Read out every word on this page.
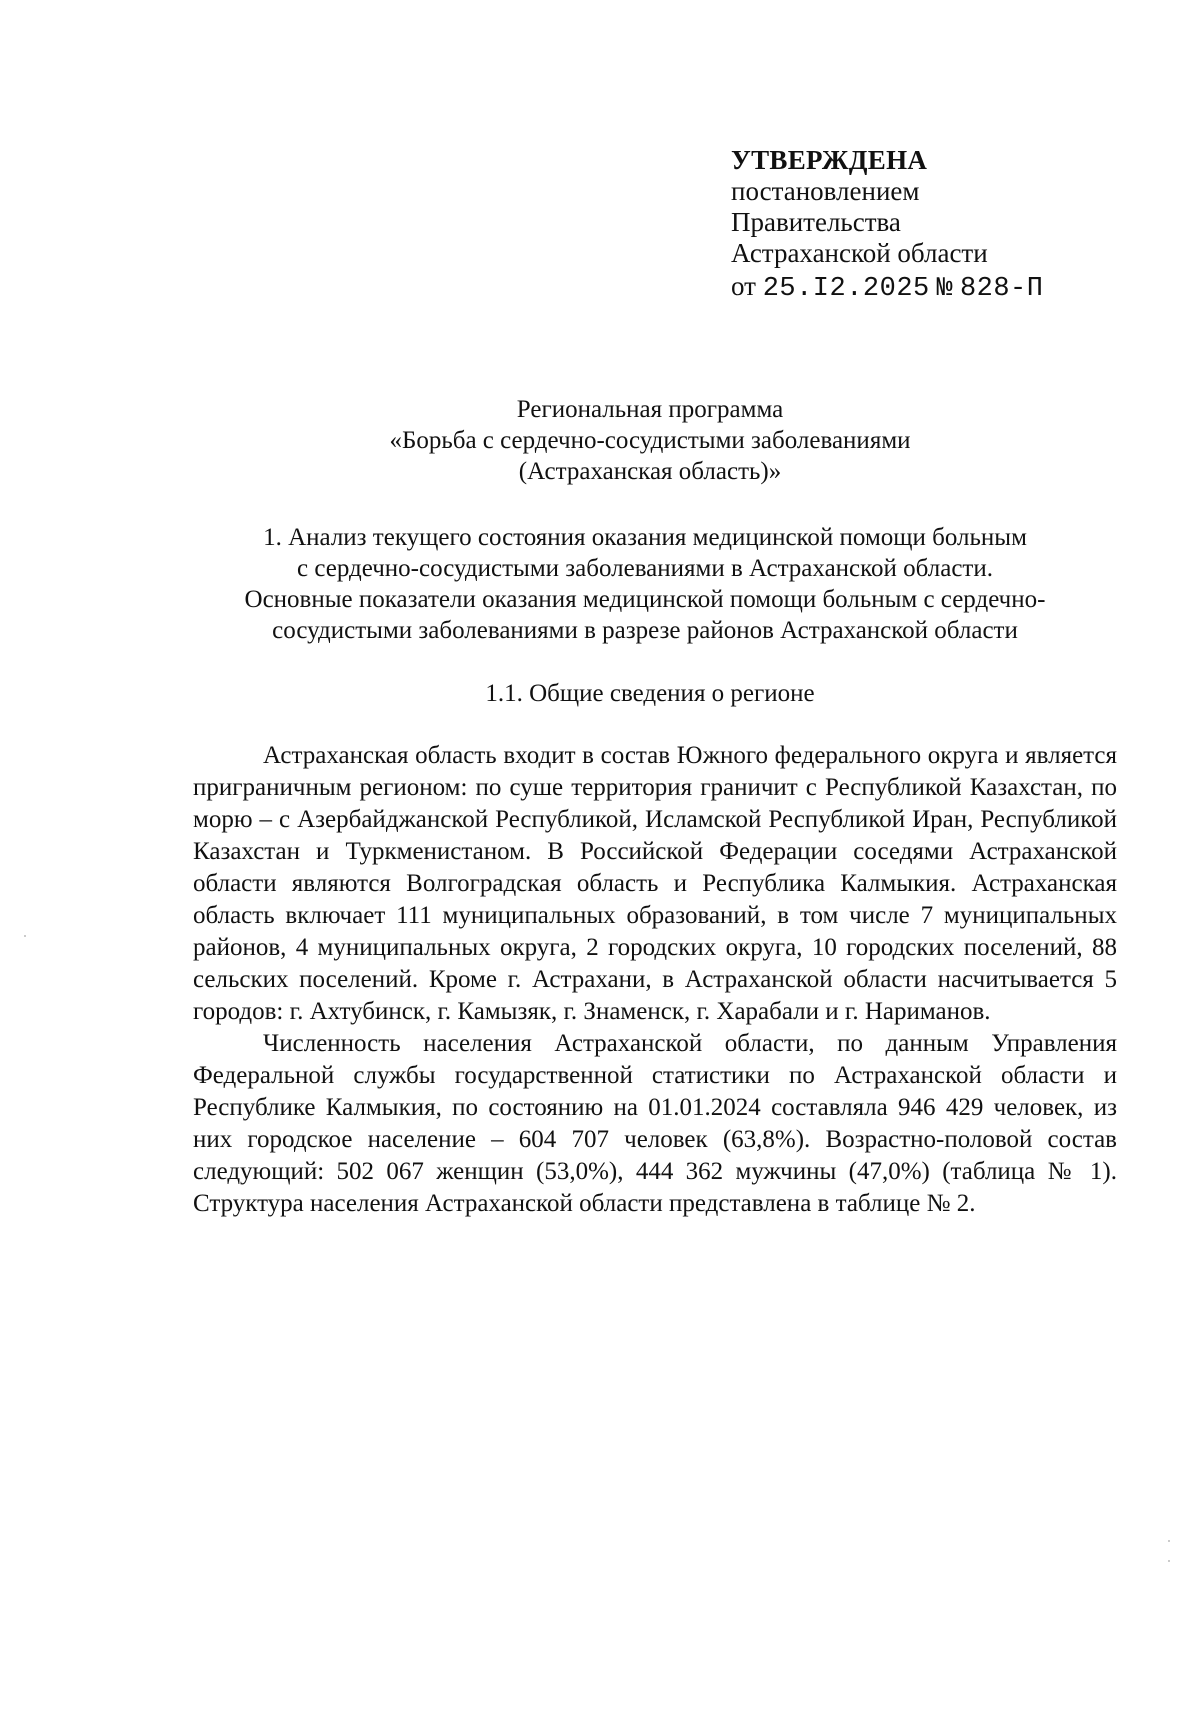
УТВЕРЖДЕНА
постановлением
Правительства
Астраханской области
от 25.I2.2025 № 828-П
Региональная программа
«Борьба с сердечно-сосудистыми заболеваниями
(Астраханская область)»
1. Анализ текущего состояния оказания медицинской помощи больным
с сердечно-сосудистыми заболеваниями в Астраханской области.
Основные показатели оказания медицинской помощи больным с сердечно-
сосудистыми заболеваниями в разрезе районов Астраханской области
1.1. Общие сведения о регионе

Астраханская область входит в состав Южного федерального округа и является приграничным регионом: по суше территория граничит с Республикой Казахстан, по морю – с Азербайджанской Республикой, Исламской Республикой Иран, Республикой Казахстан и Туркменистаном. В Российской Федерации соседями Астраханской области являются Волгоградская область и Республика Калмыкия. Астраханская область включает 111 муниципальных образований, в том числе 7 муниципальных районов, 4 муниципальных округа, 2 городских округа, 10 городских поселений, 88 сельских поселений. Кроме г. Астрахани, в Астраханской области насчитывается 5 городов: г. Ахтубинск, г. Камызяк, г. Знаменск, г. Харабали и г. Нариманов.

Численность населения Астраханской области, по данным Управления Федеральной службы государственной статистики по Астраханской области и Республике Калмыкия, по состоянию на 01.01.2024 составляла 946 429 человек, из них городское население – 604 707 человек (63,8%). Возрастно-половой состав следующий: 502 067 женщин (53,0%), 444 362 мужчины (47,0%) (таблица № 1). Структура населения Астраханской области представлена в таблице № 2.
